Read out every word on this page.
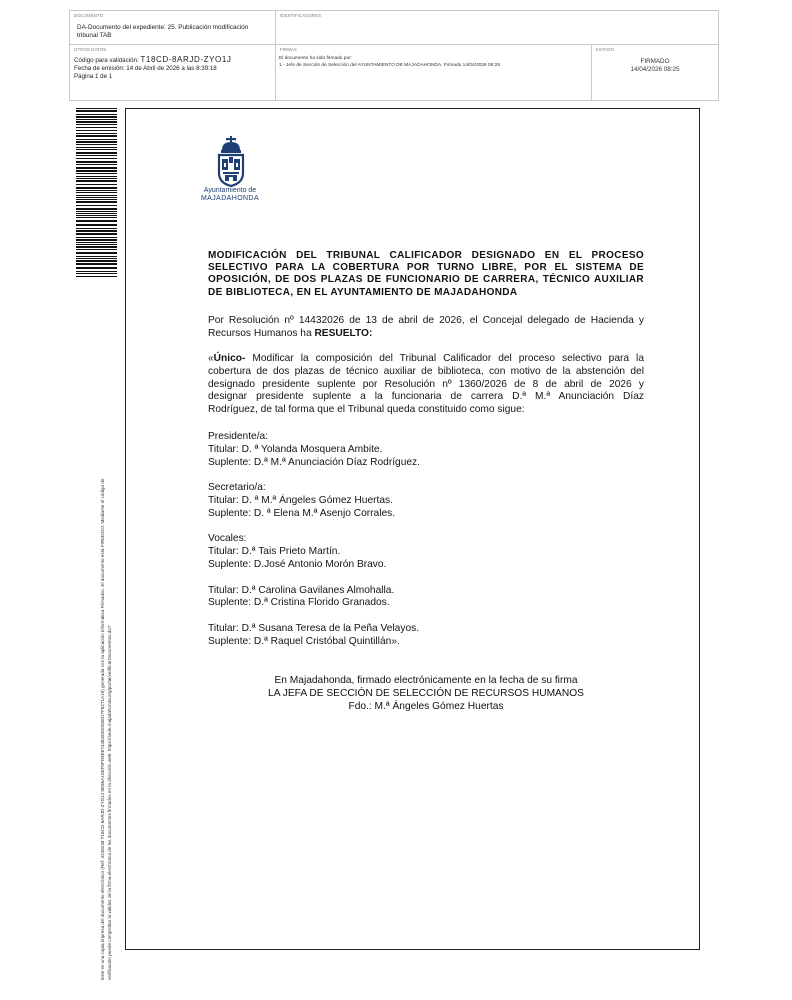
DOCUMENTO
DA-Documento del expediente: 25. Publicación modificación tribunal TAB
IDENTIFICADORES
OTROS DATOS
Código para validación: T18CD-8ARJD-ZYO1J
Fecha de emisión: 14 de Abril de 2026 a las 8:39:18
Página 1 de 1
FIRMAS
El documento ha sido firmado por:
1.- Jefe de Sección de Selección del AYUNTAMIENTO DE MAJADAHONDA. Firmado 14/04/2026 08:25
ESTADO
FIRMADO
14/04/2026 08:25
Este es una copia impresa del documento electrónico (Ref: 4246238 T18CD-8ARJD-ZYO1J 8E86A1D6F0FD9E67448493D093ED7F8271A19) generada con la aplicación informática Firmadoc. El documento está FIRMADO. Mediante el código de verificación puede comprobar la validez de la firma electrónica de los documentos firmados en la dirección web: https://sede.majadahonda.org/portal/verificarDocumentos.do?
Ayuntamiento de
MAJADAHONDA
MODIFICACIÓN DEL TRIBUNAL CALIFICADOR DESIGNADO EN EL PROCESO
SELECTIVO PARA LA COBERTURA POR TURNO LIBRE, POR EL SISTEMA DE
OPOSICIÓN, DE DOS PLAZAS DE FUNCIONARIO DE CARRERA, TÉCNICO AUXILIAR
DE BIBLIOTECA, EN EL AYUNTAMIENTO DE MAJADAHONDA
Por Resolución nº 14432026 de 13 de abril de 2026, el Concejal delegado de Hacienda y
Recursos Humanos ha RESUELTO:
«Único- Modificar la composición del Tribunal Calificador del proceso selectivo para la
cobertura de dos plazas de técnico auxiliar de biblioteca, con motivo de la abstención del
designado presidente suplente por Resolución nº 1360/2026 de 8 de abril de 2026 y
designar presidente suplente a la funcionaria de carrera D.ª M.ª Anunciación Díaz
Rodríguez, de tal forma que el Tribunal queda constituido como sigue:
Presidente/a:
Titular: D. ª Yolanda Mosquera Ambite.
Suplente: D.ª M.ª Anunciación Díaz Rodríguez.
Secretario/a:
Titular: D. ª M.ª Ángeles Gómez Huertas.
Suplente: D. ª Elena M.ª Asenjo Corrales.
Vocales:
Titular: D.ª Tais Prieto Martín.
Suplente: D.José Antonio Morón Bravo.
Titular: D.ª Carolina Gavilanes Almohalla.
Suplente: D.ª Cristina Florido Granados.
Titular: D.ª Susana Teresa de la Peña Velayos.
Suplente: D.ª Raquel Cristóbal Quintillán».
En Majadahonda, firmado electrónicamente en la fecha de su firma
LA JEFA DE SECCIÓN DE SELECCIÓN DE RECURSOS HUMANOS
Fdo.: M.ª Ángeles Gómez Huertas
